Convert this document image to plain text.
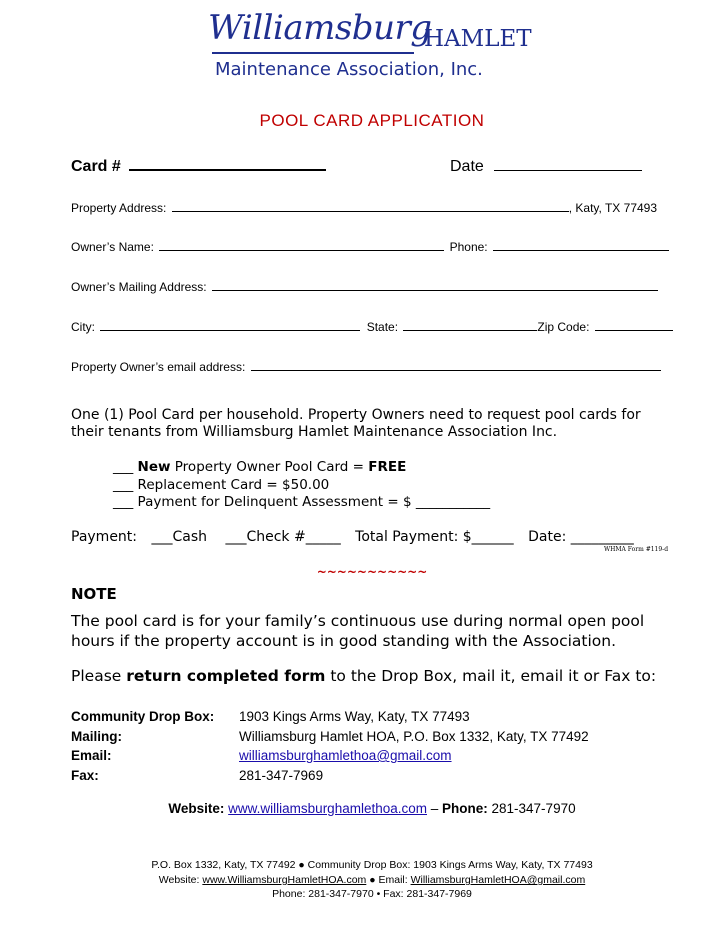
Williamsburg
HAMLET
Maintenance Association, Inc.
POOL CARD APPLICATION
Card #	Date
Property Address:	, Katy, TX 77493
Owner’s Name:	Phone:
Owner’s Mailing Address:
City:	State:	Zip Code:
Property Owner’s email address:
One (1) Pool Card per household. Property Owners need to request pool cards for their tenants from Williamsburg Hamlet Maintenance Association Inc.
___ New Property Owner Pool Card = FREE
___ Replacement Card = $50.00
___ Payment for Delinquent Assessment = $ ___________
Payment: ___Cash ___Check #_____ Total Payment: $______ Date: _________
WHMA Form #119-d
~~~~~~~~~~~
NOTE
The pool card is for your family’s continuous use during normal open pool hours if the property account is in good standing with the Association.
Please return completed form to the Drop Box, mail it, email it or Fax to:
Community Drop Box: 1903 Kings Arms Way, Katy, TX 77493
Mailing:	Williamsburg Hamlet HOA, P.O. Box 1332, Katy, TX 77492
Email:	williamsburghamlethoa@gmail.com
Fax:	281-347-7969
Website: www.williamsburghamlethoa.com – Phone: 281-347-7970
P.O. Box 1332, Katy, TX 77492 ● Community Drop Box: 1903 Kings Arms Way, Katy, TX 77493
Website: www.WilliamsburgHamletHOA.com ● Email: WilliamsburgHamletHOA@gmail.com
Phone: 281-347-7970 • Fax: 281-347-7969
